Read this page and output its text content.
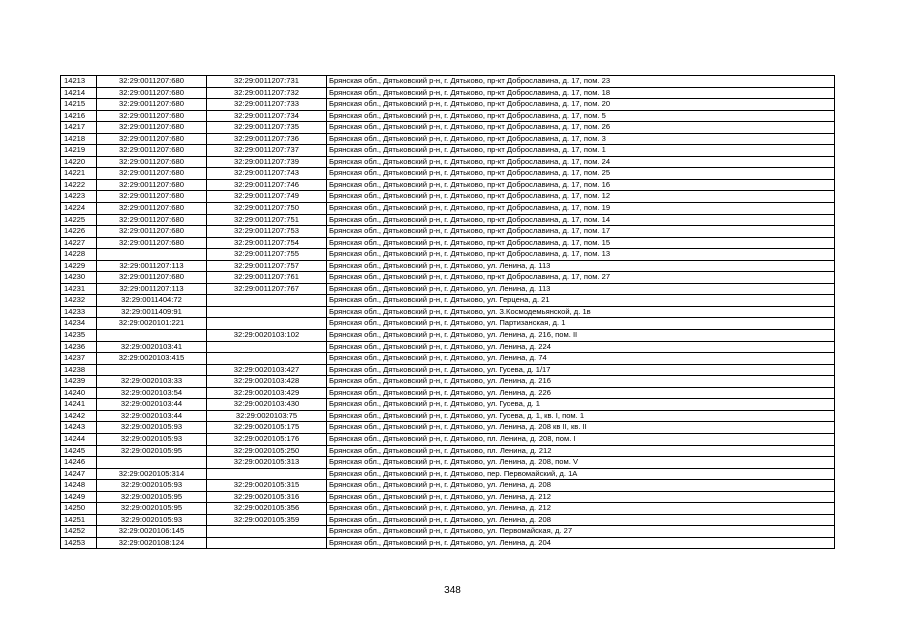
14213	32:29:0011207:680	32:29:0011207:731	Брянская обл., Дятьковский р-н, г. Дятьково, пр-кт Доброславина, д. 17, пом. 23
14214	32:29:0011207:680	32:29:0011207:732	Брянская обл., Дятьковский р-н, г. Дятьково, пр-кт Доброславина, д. 17, пом. 18
14215	32:29:0011207:680	32:29:0011207:733	Брянская обл., Дятьковский р-н, г. Дятьково, пр-кт Доброславина, д. 17, пом. 20
14216	32:29:0011207:680	32:29:0011207:734	Брянская обл., Дятьковский р-н, г. Дятьково, пр-кт Доброславина, д. 17, пом. 5
14217	32:29:0011207:680	32:29:0011207:735	Брянская обл., Дятьковский р-н, г. Дятьково, пр-кт Доброславина, д. 17, пом. 26
14218	32:29:0011207:680	32:29:0011207:736	Брянская обл., Дятьковский р-н, г. Дятьково, пр-кт Доброславина, д. 17, пом. 3
14219	32:29:0011207:680	32:29:0011207:737	Брянская обл., Дятьковский р-н, г. Дятьково, пр-кт Доброславина, д. 17, пом. 1
14220	32:29:0011207:680	32:29:0011207:739	Брянская обл., Дятьковский р-н, г. Дятьково, пр-кт Доброславина, д. 17, пом. 24
14221	32:29:0011207:680	32:29:0011207:743	Брянская обл., Дятьковский р-н, г. Дятьково, пр-кт Доброславина, д. 17, пом. 25
14222	32:29:0011207:680	32:29:0011207:746	Брянская обл., Дятьковский р-н, г. Дятьково, пр-кт Доброславина, д. 17, пом. 16
14223	32:29:0011207:680	32:29:0011207:749	Брянская обл., Дятьковский р-н, г. Дятьково, пр-кт Доброславина, д. 17, пом. 12
14224	32:29:0011207:680	32:29:0011207:750	Брянская обл., Дятьковский р-н, г. Дятьково, пр-кт Доброславина, д. 17, пом. 19
14225	32:29:0011207:680	32:29:0011207:751	Брянская обл., Дятьковский р-н, г. Дятьково, пр-кт Доброславина, д. 17, пом. 14
14226	32:29:0011207:680	32:29:0011207:753	Брянская обл., Дятьковский р-н, г. Дятьково, пр-кт Доброславина, д. 17, пом. 17
14227	32:29:0011207:680	32:29:0011207:754	Брянская обл., Дятьковский р-н, г. Дятьково, пр-кт Доброславина, д. 17, пом. 15
14228		32:29:0011207:755	Брянская обл., Дятьковский р-н, г. Дятьково, пр-кт Доброславина, д. 17, пом. 13
14229	32:29:0011207:113	32:29:0011207:757	Брянская обл., Дятьковский р-н, г. Дятьково, ул. Ленина, д. 113
14230	32:29:0011207:680	32:29:0011207:761	Брянская обл., Дятьковский р-н, г. Дятьково, пр-кт Доброславина, д. 17, пом. 27
14231	32:29:0011207:113	32:29:0011207:767	Брянская обл., Дятьковский р-н, г. Дятьково, ул. Ленина, д. 113
14232	32:29:0011404:72		Брянская обл., Дятьковский р-н, г. Дятьково, ул. Герцена, д. 21
14233	32:29:0011409:91		Брянская обл., Дятьковский р-н, г. Дятьково, ул. З.Космодемьянской, д. 1в
14234	32:29:0020101:221		Брянская обл., Дятьковский р-н, г. Дятьково, ул. Партизанская, д. 1
14235		32:29:0020103:102	Брянская обл., Дятьковский р-н, г. Дятьково, ул. Ленина, д. 216, пом. II
14236	32:29:0020103:41		Брянская обл., Дятьковский р-н, г. Дятьково, ул. Ленина, д. 224
14237	32:29:0020103:415		Брянская обл., Дятьковский р-н, г. Дятьково, ул. Ленина, д. 74
14238		32:29:0020103:427	Брянская обл., Дятьковский р-н, г. Дятьково, ул. Гусева, д. 1/17
14239	32:29:0020103:33	32:29:0020103:428	Брянская обл., Дятьковский р-н, г. Дятьково, ул. Ленина, д. 216
14240	32:29:0020103:54	32:29:0020103:429	Брянская обл., Дятьковский р-н, г. Дятьково, ул. Ленина, д. 226
14241	32:29:0020103:44	32:29:0020103:430	Брянская обл., Дятьковский р-н, г. Дятьково, ул. Гусева, д. 1
14242	32:29:0020103:44	32:29:0020103:75	Брянская обл., Дятьковский р-н, г. Дятьково, ул. Гусева, д. 1, кв. I, пом. 1
14243	32:29:0020105:93	32:29:0020105:175	Брянская обл., Дятьковский р-н, г. Дятьково, ул. Ленина, д. 208 кв II, кв. II
14244	32:29:0020105:93	32:29:0020105:176	Брянская обл., Дятьковский р-н, г. Дятьково, пл. Ленина, д. 208, пом. I
14245	32:29:0020105:95	32:29:0020105:250	Брянская обл., Дятьковский р-н, г. Дятьково, пл. Ленина, д. 212
14246		32:29:0020105:313	Брянская обл., Дятьковский р-н, г. Дятьково, ул. Ленина, д. 208, пом. V
14247	32:29:0020105:314		Брянская обл., Дятьковский р-н, г. Дятьково, пер. Первомайский, д. 1А
14248	32:29:0020105:93	32:29:0020105:315	Брянская обл., Дятьковский р-н, г. Дятьково, ул. Ленина, д. 208
14249	32:29:0020105:95	32:29:0020105:316	Брянская обл., Дятьковский р-н, г. Дятьково, ул. Ленина, д. 212
14250	32:29:0020105:95	32:29:0020105:356	Брянская обл., Дятьковский р-н, г. Дятьково, ул. Ленина, д. 212
14251	32:29:0020105:93	32:29:0020105:359	Брянская обл., Дятьковский р-н, г. Дятьково, ул. Ленина, д. 208
14252	32:29:0020106:145		Брянская обл., Дятьковский р-н, г. Дятьково, ул. Первомайская, д. 27
14253	32:29:0020108:124		Брянская обл., Дятьковский р-н, г. Дятьково, ул. Ленина, д. 204
348
